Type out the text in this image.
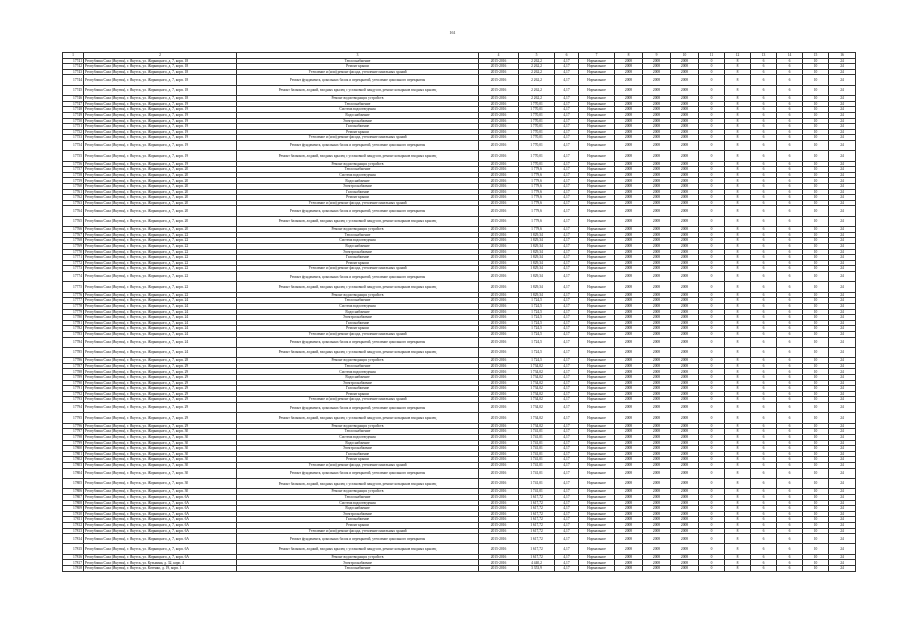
161
1	2	3	4	5	6	7	8	9	10	11	12	13	14	15	16
17741	Республика Саха (Якутия), г. Якутск, ул. Жорницкого, д. 7, корп. 18	Теплоснабжение	2015-2016	2 262,2	4,17	Нормальное	2008	2008	2008	0	8	6	6	10	24
17742	Республика Саха (Якутия), г. Якутск, ул. Жорницкого, д. 7, корп. 18	Ремонт крыши	2015-2016	2 262,2	4,17	Нормальное	2008	2008	2008	0	8	6	6	10	24
17743	Республика Саха (Якутия), г. Якутск, ул. Жорницкого, д. 7, корп. 18	Утепление и (или) ремонт фасада, утепление панельных зданий	2015-2016	2 262,2	4,17	Нормальное	2008	2008	2008	0	8	6	6	10	24
17744	Республика Саха (Якутия), г. Якутск, ул. Жорницкого, д. 7, корп. 18	Ремонт фундамента, цокольных балок и перекрытий, утепление цокольного перекрытия	2015-2016	2 262,2	4,17	Нормальное	2008	2008	2008	0	8	6	6	10	24
17745	Республика Саха (Якутия), г. Якутск, ул. Жорницкого, д. 7, корп. 18	Ремонт балконов, лоджий, входных крылец с установкой пандусов, ремонт козырьков входных крылец	2015-2016	2 262,2	4,17	Нормальное	2008	2008	2008	0	8	6	6	10	24
17746	Республика Саха (Якутия), г. Якутск, ул. Жорницкого, д. 7, корп. 18	Ремонт водоотводящих устройств	2015-2016	2 262,2	4,17	Нормальное	2008	2008	2008	0	8	6	6	10	24
17747	Республика Саха (Якутия), г. Якутск, ул. Жорницкого, д. 7, корп. 19	Теплоснабжение	2015-2016	1 770,01	4,17	Нормальное	2008	2008	2008	0	8	6	6	10	24
17748	Республика Саха (Якутия), г. Якутск, ул. Жорницкого, д. 7, корп. 19	Система водоотведения	2015-2016	1 770,01	4,17	Нормальное	2008	2008	2008	0	8	6	6	10	24
17749	Республика Саха (Якутия), г. Якутск, ул. Жорницкого, д. 7, корп. 19	Водоснабжение	2015-2016	1 770,01	4,17	Нормальное	2008	2008	2008	0	8	6	6	10	24
17750	Республика Саха (Якутия), г. Якутск, ул. Жорницкого, д. 7, корп. 19	Электроснабжение	2015-2016	1 770,01	4,17	Нормальное	2008	2008	2008	0	8	6	6	10	24
17751	Республика Саха (Якутия), г. Якутск, ул. Жорницкого, д. 7, корп. 19	Газоснабжение	2015-2016	1 770,01	4,17	Нормальное	2008	2008	2008	0	8	6	6	10	24
17752	Республика Саха (Якутия), г. Якутск, ул. Жорницкого, д. 7, корп. 19	Ремонт крыши	2015-2016	1 770,01	4,17	Нормальное	2008	2008	2008	0	8	6	6	10	24
17753	Республика Саха (Якутия), г. Якутск, ул. Жорницкого, д. 7, корп. 19	Утепление и (или) ремонт фасада, утепление панельных зданий	2015-2016	1 770,01	4,17	Нормальное	2008	2008	2008	0	8	6	6	10	24
17754	Республика Саха (Якутия), г. Якутск, ул. Жорницкого, д. 7, корп. 19	Ремонт фундамента, цокольных балок и перекрытий, утепление цокольного перекрытия	2015-2016	1 770,01	4,17	Нормальное	2008	2008	2008	0	8	6	6	10	24
17755	Республика Саха (Якутия), г. Якутск, ул. Жорницкого, д. 7, корп. 19	Ремонт балконов, лоджий, входных крылец с установкой пандусов, ремонт козырьков входных крылец	2015-2016	1 770,01	4,17	Нормальное	2008	2008	2008	0	8	6	6	10	24
17756	Республика Саха (Якутия), г. Якутск, ул. Жорницкого, д. 7, корп. 19	Ремонт водоотводящих устройств	2015-2016	1 770,01	4,17	Нормальное	2008	2008	2008	0	8	6	6	10	24
17757	Республика Саха (Якутия), г. Якутск, ул. Жорницкого, д. 7, корп. 20	Теплоснабжение	2015-2016	1 779,6	4,17	Нормальное	2008	2008	2008	0	8	6	6	10	24
17758	Республика Саха (Якутия), г. Якутск, ул. Жорницкого, д. 7, корп. 20	Система водоотведения	2015-2016	1 779,6	4,17	Нормальное	2008	2008	2008	0	8	6	6	10	24
17759	Республика Саха (Якутия), г. Якутск, ул. Жорницкого, д. 7, корп. 20	Водоснабжение	2015-2016	1 779,6	4,17	Нормальное	2008	2008	2008	0	8	6	6	10	24
17760	Республика Саха (Якутия), г. Якутск, ул. Жорницкого, д. 7, корп. 20	Электроснабжение	2015-2016	1 779,6	4,17	Нормальное	2008	2008	2008	0	8	6	6	10	24
17761	Республика Саха (Якутия), г. Якутск, ул. Жорницкого, д. 7, корп. 20	Газоснабжение	2015-2016	1 779,6	4,17	Нормальное	2008	2008	2008	0	8	6	6	10	24
17762	Республика Саха (Якутия), г. Якутск, ул. Жорницкого, д. 7, корп. 20	Ремонт крыши	2015-2016	1 779,6	4,17	Нормальное	2008	2008	2008	0	8	6	6	10	24
17763	Республика Саха (Якутия), г. Якутск, ул. Жорницкого, д. 7, корп. 20	Утепление и (или) ремонт фасада, утепление панельных зданий	2015-2016	1 779,6	4,17	Нормальное	2008	2008	2008	0	8	6	6	10	24
17764	Республика Саха (Якутия), г. Якутск, ул. Жорницкого, д. 7, корп. 20	Ремонт фундамента, цокольных балок и перекрытий, утепление цокольного перекрытия	2015-2016	1 779,6	4,17	Нормальное	2008	2008	2008	0	8	6	6	10	24
17765	Республика Саха (Якутия), г. Якутск, ул. Жорницкого, д. 7, корп. 20	Ремонт балконов, лоджий, входных крылец с установкой пандусов, ремонт козырьков входных крылец	2015-2016	1 779,6	4,17	Нормальное	2008	2008	2008	0	8	6	6	10	24
17766	Республика Саха (Якутия), г. Якутск, ул. Жорницкого, д. 7, корп. 20	Ремонт водоотводящих устройств	2015-2016	1 779,6	4,17	Нормальное	2008	2008	2008	0	8	6	6	10	24
17767	Республика Саха (Якутия), г. Якутск, ул. Жорницкого, д. 7, корп. 22	Теплоснабжение	2015-2016	1 829,34	4,17	Нормальное	2008	2008	2008	0	8	6	6	10	24
17768	Республика Саха (Якутия), г. Якутск, ул. Жорницкого, д. 7, корп. 22	Система водоотведения	2015-2016	1 829,34	4,17	Нормальное	2008	2008	2008	0	8	6	6	10	24
17769	Республика Саха (Якутия), г. Якутск, ул. Жорницкого, д. 7, корп. 22	Водоснабжение	2015-2016	1 829,34	4,17	Нормальное	2008	2008	2008	0	8	6	6	10	24
17770	Республика Саха (Якутия), г. Якутск, ул. Жорницкого, д. 7, корп. 22	Электроснабжение	2015-2016	1 829,34	4,17	Нормальное	2008	2008	2008	0	8	6	6	10	24
17771	Республика Саха (Якутия), г. Якутск, ул. Жорницкого, д. 7, корп. 22	Газоснабжение	2015-2016	1 829,34	4,17	Нормальное	2008	2008	2008	0	8	6	6	10	24
17772	Республика Саха (Якутия), г. Якутск, ул. Жорницкого, д. 7, корп. 22	Ремонт крыши	2015-2016	1 829,34	4,17	Нормальное	2008	2008	2008	0	8	6	6	10	24
17773	Республика Саха (Якутия), г. Якутск, ул. Жорницкого, д. 7, корп. 22	Утепление и (или) ремонт фасада, утепление панельных зданий	2015-2016	1 829,34	4,17	Нормальное	2008	2008	2008	0	8	6	6	10	24
17774	Республика Саха (Якутия), г. Якутск, ул. Жорницкого, д. 7, корп. 22	Ремонт фундамента, цокольных балок и перекрытий, утепление цокольного перекрытия	2015-2016	1 829,34	4,17	Нормальное	2008	2008	2008	0	8	6	6	10	24
17775	Республика Саха (Якутия), г. Якутск, ул. Жорницкого, д. 7, корп. 22	Ремонт балконов, лоджий, входных крылец с установкой пандусов, ремонт козырьков входных крылец	2015-2016	1 829,34	4,17	Нормальное	2008	2008	2008	0	8	6	6	10	24
17776	Республика Саха (Якутия), г. Якутск, ул. Жорницкого, д. 7, корп. 22	Ремонт водоотводящих устройств	2015-2016	1 829,34	4,17	Нормальное	2008	2008	2008	0	8	6	6	10	24
17777	Республика Саха (Якутия), г. Якутск, ул. Жорницкого, д. 7, корп. 24	Теплоснабжение	2015-2016	1 724,5	4,17	Нормальное	2008	2008	2008	0	8	6	6	10	24
17778	Республика Саха (Якутия), г. Якутск, ул. Жорницкого, д. 7, корп. 24	Система водоотведения	2015-2016	1 724,5	4,17	Нормальное	2008	2008	2008	0	8	6	6	10	24
17779	Республика Саха (Якутия), г. Якутск, ул. Жорницкого, д. 7, корп. 24	Водоснабжение	2015-2016	1 724,5	4,17	Нормальное	2008	2008	2008	0	8	6	6	10	24
17780	Республика Саха (Якутия), г. Якутск, ул. Жорницкого, д. 7, корп. 24	Электроснабжение	2015-2016	1 724,5	4,17	Нормальное	2008	2008	2008	0	8	6	6	10	24
17781	Республика Саха (Якутия), г. Якутск, ул. Жорницкого, д. 7, корп. 24	Газоснабжение	2015-2016	1 724,5	4,17	Нормальное	2008	2008	2008	0	8	6	6	10	24
17782	Республика Саха (Якутия), г. Якутск, ул. Жорницкого, д. 7, корп. 24	Ремонт крыши	2015-2016	1 724,5	4,17	Нормальное	2008	2008	2008	0	8	6	6	10	24
17783	Республика Саха (Якутия), г. Якутск, ул. Жорницкого, д. 7, корп. 24	Утепление и (или) ремонт фасада, утепление панельных зданий	2015-2016	1 724,5	4,17	Нормальное	2008	2008	2008	0	8	6	6	10	24
17784	Республика Саха (Якутия), г. Якутск, ул. Жорницкого, д. 7, корп. 24	Ремонт фундамента, цокольных балок и перекрытий, утепление цокольного перекрытия	2015-2016	1 724,5	4,17	Нормальное	2008	2008	2008	0	8	6	6	10	24
17785	Республика Саха (Якутия), г. Якутск, ул. Жорницкого, д. 7, корп. 24	Ремонт балконов, лоджий, входных крылец с установкой пандусов, ремонт козырьков входных крылец	2015-2016	1 724,5	4,17	Нормальное	2008	2008	2008	0	8	6	6	10	24
17786	Республика Саха (Якутия), г. Якутск, ул. Жорницкого, д. 7, корп. 28	Ремонт водоотводящих устройств	2015-2016	1 724,5	4,17	Нормальное	2008	2008	2008	0	8	6	6	10	24
17787	Республика Саха (Якутия), г. Якутск, ул. Жорницкого, д. 7, корп. 29	Теплоснабжение	2015-2016	1 734,02	4,17	Нормальное	2008	2008	2008	0	8	6	6	10	24
17788	Республика Саха (Якутия), г. Якутск, ул. Жорницкого, д. 7, корп. 29	Система водоотведения	2015-2016	1 734,02	4,17	Нормальное	2008	2008	2008	0	8	6	6	10	24
17789	Республика Саха (Якутия), г. Якутск, ул. Жорницкого, д. 7, корп. 29	Водоснабжение	2015-2016	1 734,02	4,17	Нормальное	2008	2008	2008	0	8	6	6	10	24
17790	Республика Саха (Якутия), г. Якутск, ул. Жорницкого, д. 7, корп. 29	Электроснабжение	2015-2016	1 734,02	4,17	Нормальное	2008	2008	2008	0	8	6	6	10	24
17791	Республика Саха (Якутия), г. Якутск, ул. Жорницкого, д. 7, корп. 29	Газоснабжение	2015-2016	1 734,02	4,17	Нормальное	2008	2008	2008	0	8	6	6	10	24
17792	Республика Саха (Якутия), г. Якутск, ул. Жорницкого, д. 7, корп. 29	Ремонт крыши	2015-2016	1 734,02	4,17	Нормальное	2008	2008	2008	0	8	6	6	10	24
17793	Республика Саха (Якутия), г. Якутск, ул. Жорницкого, д. 7, корп. 29	Утепление и (или) ремонт фасада, утепление панельных зданий	2015-2016	1 734,02	4,17	Нормальное	2008	2008	2008	0	8	6	6	10	24
17794	Республика Саха (Якутия), г. Якутск, ул. Жорницкого, д. 7, корп. 29	Ремонт фундамента, цокольных балок и перекрытий, утепление цокольного перекрытия	2015-2016	1 734,02	4,17	Нормальное	2008	2008	2008	0	8	6	6	10	24
17795	Республика Саха (Якутия), г. Якутск, ул. Жорницкого, д. 7, корп. 29	Ремонт балконов, лоджий, входных крылец с установкой пандусов, ремонт козырьков входных крылец	2015-2016	1 734,02	4,17	Нормальное	2008	2008	2008	0	8	6	6	10	24
17796	Республика Саха (Якутия), г. Якутск, ул. Жорницкого, д. 7, корп. 29	Ремонт водоотводящих устройств	2015-2016	1 734,02	4,17	Нормальное	2008	2008	2008	0	8	6	6	10	24
17797	Республика Саха (Якутия), г. Якутск, ул. Жорницкого, д. 7, корп. 30	Теплоснабжение	2015-2016	1 741,01	4,17	Нормальное	2008	2008	2008	0	8	6	6	10	24
17798	Республика Саха (Якутия), г. Якутск, ул. Жорницкого, д. 7, корп. 30	Система водоотведения	2015-2016	1 741,01	4,17	Нормальное	2008	2008	2008	0	8	6	6	10	24
17799	Республика Саха (Якутия), г. Якутск, ул. Жорницкого, д. 7, корп. 30	Водоснабжение	2015-2016	1 741,01	4,17	Нормальное	2008	2008	2008	0	8	6	6	10	24
17800	Республика Саха (Якутия), г. Якутск, ул. Жорницкого, д. 7, корп. 30	Электроснабжение	2015-2016	1 741,01	4,17	Нормальное	2008	2008	2008	0	8	6	6	10	24
17801	Республика Саха (Якутия), г. Якутск, ул. Жорницкого, д. 7, корп. 30	Газоснабжение	2015-2016	1 741,01	4,17	Нормальное	2008	2008	2008	0	8	6	6	10	24
17802	Республика Саха (Якутия), г. Якутск, ул. Жорницкого, д. 7, корп. 30	Ремонт крыши	2015-2016	1 741,01	4,17	Нормальное	2008	2008	2008	0	8	6	6	10	24
17803	Республика Саха (Якутия), г. Якутск, ул. Жорницкого, д. 7, корп. 30	Утепление и (или) ремонт фасада, утепление панельных зданий	2015-2016	1 741,01	4,17	Нормальное	2008	2008	2008	0	8	6	6	10	24
17804	Республика Саха (Якутия), г. Якутск, ул. Жорницкого, д. 7, корп. 30	Ремонт фундамента, цокольных балок и перекрытий, утепление цокольного перекрытия	2015-2016	1 741,01	4,17	Нормальное	2008	2008	2008	0	8	6	6	10	24
17805	Республика Саха (Якутия), г. Якутск, ул. Жорницкого, д. 7, корп. 30	Ремонт балконов, лоджий, входных крылец с установкой пандусов, ремонт козырьков входных крылец	2015-2016	1 741,01	4,17	Нормальное	2008	2008	2008	0	8	6	6	10	24
17806	Республика Саха (Якутия), г. Якутск, ул. Жорницкого, д. 7, корп. 30	Ремонт водоотводящих устройств	2015-2016	1 741,01	4,17	Нормальное	2008	2008	2008	0	8	6	6	10	24
17807	Республика Саха (Якутия), г. Якутск, ул. Жорницкого, д. 7, корп. 6А	Теплоснабжение	2015-2016	1 617,72	4,17	Нормальное	2008	2008	2008	0	8	6	6	10	24
17808	Республика Саха (Якутия), г. Якутск, ул. Жорницкого, д. 7, корп. 6А	Система водоотведения	2015-2016	1 617,72	4,17	Нормальное	2008	2008	2008	0	8	6	6	10	24
17809	Республика Саха (Якутия), г. Якутск, ул. Жорницкого, д. 7, корп. 6А	Водоснабжение	2015-2016	1 617,72	4,17	Нормальное	2008	2008	2008	0	8	6	6	10	24
17810	Республика Саха (Якутия), г. Якутск, ул. Жорницкого, д. 7, корп. 6А	Электроснабжение	2015-2016	1 617,72	4,17	Нормальное	2008	2008	2008	0	8	6	6	10	24
17811	Республика Саха (Якутия), г. Якутск, ул. Жорницкого, д. 7, корп. 6А	Газоснабжение	2015-2016	1 617,72	4,17	Нормальное	2008	2008	2008	0	8	6	6	10	24
17812	Республика Саха (Якутия), г. Якутск, ул. Жорницкого, д. 7, корп. 6А	Ремонт крыши	2015-2016	1 617,72	4,17	Нормальное	2008	2008	2008	0	8	6	6	10	24
17813	Республика Саха (Якутия), г. Якутск, ул. Жорницкого, д. 7, корп. 6А	Утепление и (или) ремонт фасада, утепление панельных зданий	2015-2016	1 617,72	4,17	Нормальное	2008	2008	2008	0	8	6	6	10	24
17814	Республика Саха (Якутия), г. Якутск, ул. Жорницкого, д. 7, корп. 6А	Ремонт фундамента, цокольных балок и перекрытий, утепление цокольного перекрытия	2015-2016	1 617,72	4,17	Нормальное	2008	2008	2008	0	8	6	6	10	24
17815	Республика Саха (Якутия), г. Якутск, ул. Жорницкого, д. 7, корп. 6А	Ремонт балконов, лоджий, входных крылец с установкой пандусов, ремонт козырьков входных крылец	2015-2016	1 617,72	4,17	Нормальное	2008	2008	2008	0	8	6	6	10	24
17816	Республика Саха (Якутия), г. Якутск, ул. Жорницкого, д. 7, корп. 6А	Ремонт водоотводящих устройств	2015-2016	1 617,72	4,17	Нормальное	2008	2008	2008	0	8	6	6	10	24
17817	Республика Саха (Якутия), г. Якутск, ул. Кузьмина, д. 32, корп. 4	Электроснабжение	2015-2016	4 440,2	4,17	Нормальное	2008	2008	2008	0	8	6	6	10	24
17818	Республика Саха (Якутия), г. Якутск, ул. Котенко, д. 19, корп. 1	Теплоснабжение	2015-2016	3 353,9	4,17	Нормальное	2008	2008	2008	0	8	6	6	10	24
